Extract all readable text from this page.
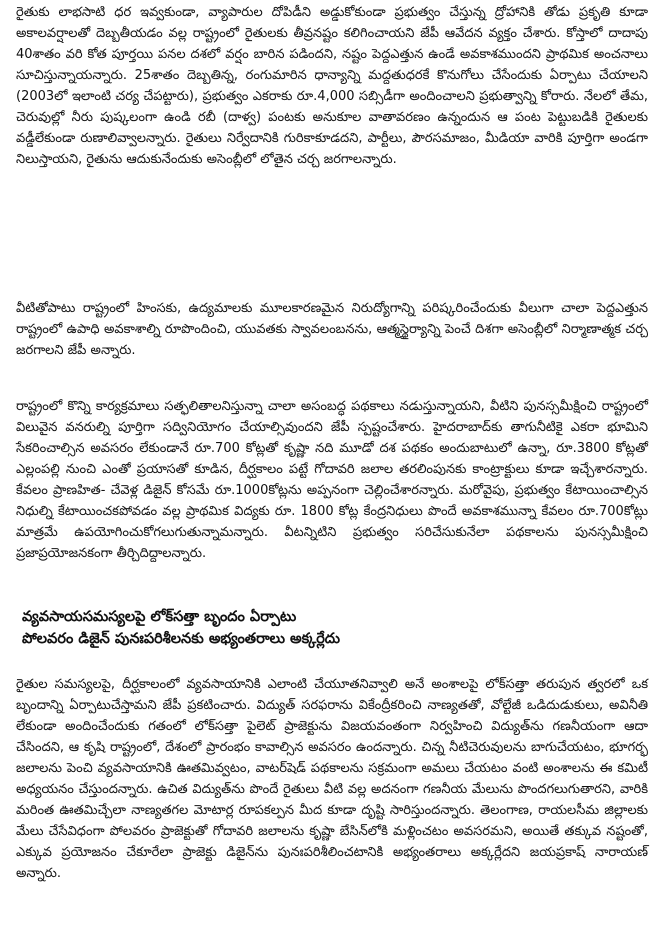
రైతుకు లాభసాటి ధర ఇవ్వకుండా, వ్యాపారుల దోపిడీని అడ్డుకోకుండా ప్రభుత్వం చేస్తున్న ద్రోహానికి తోడు ప్రకృతి కూడా అకాలవర్షాలతో దెబ్బతీయడం వల్ల రాష్ట్రంలో రైతులకు తీవ్రనష్టం కలిగించాయని జేపీ ఆవేదన వ్యక్తం చేశారు. కోస్తాలో దాదాపు 40శాతం వరి కోత పూర్తయి పనల దశలో వర్షం బారిన పడిందని, నష్టం పెద్దఎత్తున ఉండే అవకాశముందని ప్రాథమిక అంచనాలు సూచిస్తున్నాయన్నారు. 25శాతం దెబ్బతిన్న, రంగుమారిన ధాన్యాన్ని మద్దతుధరకే కొనుగోలు చేసేందుకు ఏర్పాటు చేయాలని (2003లో ఇలాంటి చర్య చేపట్టారు), ప్రభుత్వం ఎకరాకు రూ.4,000 సబ్సిడీగా అందించాలని ప్రభుత్వాన్ని కోరారు. నేలలో తేమ, చెరువుల్లో నీరు పుష్కలంగా ఉండి రబీ (దాళ్వ) పంటకు అనుకూల వాతావరణం ఉన్నందున ఆ పంట పెట్టుబడికి రైతులకు వడ్డీలేకుండా రుణాలివ్వాలన్నారు. రైతులు నిర్వేదానికి గురికాకూడదని, పార్టీలు, పౌరసమాజం, మీడియా వారికి పూర్తిగా అండగా నిలుస్తాయని, రైతును ఆదుకునేందుకు అసెంబ్లీలో లోతైన చర్చ జరగాలన్నారు.

వీటితోపాటు రాష్ట్రంలో హింసకు, ఉద్యమాలకు మూలకారణమైన నిరుద్యోగాన్ని పరిష్కరించేందుకు వీలుగా చాలా పెద్దఎత్తున రాష్ట్రంలో ఉపాధి అవకాశాల్ని రూపొందించి, యువతకు స్వావలంబనను, ఆత్మస్థైర్యాన్ని పెంచే దిశగా అసెంబ్లీలో నిర్మాణాత్మక చర్చ జరగాలని జేపీ అన్నారు.

రాష్ట్రంలో కొన్ని కార్యక్రమాలు సత్ఫలితాలనిస్తున్నా చాలా అసంబద్ధ పథకాలు నడుస్తున్నాయని, వీటిని పునస్సమీక్షించి రాష్ట్రంలో విలువైన వనరుల్ని పూర్తిగా సద్వినియోగం చేయాల్సివుందని జేపీ స్పష్టంచేశారు. హైదరాబాద్‌కు తాగునీటికై ఎకరా భూమిని సేకరించాల్సిన అవసరం లేకుండానే రూ.700 కోట్లతో కృష్ణా నది మూడో దశ పథకం అందుబాటులో ఉన్నా, రూ.3800 కోట్లతో ఎల్లంపల్లి నుంచి ఎంతో ప్రయాసతో కూడిన, దీర్ఘకాలం పట్టే గోదావరి జలాల తరలింపునకు కాంట్రాక్టులు కూడా ఇచ్చేశారన్నారు. కేవలం ప్రాణహిత- చేవెళ్ల డిజైన్ కోసమే రూ.1000కోట్లను అప్పనంగా చెల్లించేశారన్నారు. మరోవైపు, ప్రభుత్వం కేటాయించాల్సిన నిధుల్ని కేటాయించకపోవడం వల్ల ప్రాథమిక విద్యకు రూ. 1800 కోట్ల కేంద్రనిధులు పొందే అవకాశమున్నా కేవలం రూ.700కోట్లు మాత్రమే ఉపయోగించుకోగలుగుతున్నామన్నారు. వీటన్నిటిని ప్రభుత్వం సరిచేసుకునేలా పథకాలను పునస్సమీక్షించి ప్రజాప్రయోజనకంగా తీర్చిదిద్దాలన్నారు.

వ్యవసాయసమస్యలపై లోక్‌సత్తా బృందం ఏర్పాటు
పోలవరం డిజైన్ పునఃపరిశీలనకు అభ్యంతరాలు అక్కర్లేదు

రైతుల సమస్యలపై, దీర్ఘకాలంలో వ్యవసాయానికి ఎలాంటి చేయూతనివ్వాలి అనే అంశాలపై లోక్‌సత్తా తరుపున త్వరలో ఒక బృందాన్ని ఏర్పాటుచేస్తామని జేపీ ప్రకటించారు. విద్యుత్ సరఫరాను వికేంద్రీకరించి నాణ్యతతో, వోల్టేజీ ఒడిదుడుకులు, అవినీతి లేకుండా అందించేందుకు గతంలో లోక్‌సత్తా పైలెట్ ప్రాజెక్టును విజయవంతంగా నిర్వహించి విద్యుత్‌ను గణనీయంగా ఆదా చేసిందని, ఆ కృషి రాష్ట్రంలో, దేశంలో ప్రారంభం కావాల్సిన అవసరం ఉందన్నారు. చిన్న నీటిచెరువులను బాగుచేయటం, భూగర్భ జలాలను పెంచి వ్యవసాయానికి ఊతమివ్వటం, వాటర్‌షెడ్ పథకాలను సక్రమంగా అమలు చేయటం వంటి అంశాలను ఈ కమిటీ అధ్యయనం చేస్తుందన్నారు. ఉచిత విద్యుత్‌ను పొందే రైతులు వీటి వల్ల అదనంగా గణనీయ మేలును పొందగలుగుతారని, వారికి మరింత ఊతమిచ్చేలా నాణ్యతగల మోటార్ల రూపకల్పన మీద కూడా దృష్టి సారిస్తుందన్నారు. తెలంగాణ, రాయలసీమ జిల్లాలకు మేలు చేసేవిధంగా పోలవరం ప్రాజెక్టుతో గోదావరి జలాలను కృష్ణా బేసిన్‌లోకి మళ్లించటం అవసరమని, అయితే తక్కువ నష్టంతో, ఎక్కువ ప్రయోజనం చేకూరేలా ప్రాజెక్టు డిజైన్‌ను పునఃపరిశీలించటానికి అభ్యంతరాలు అక్కర్లేదని జయప్రకాష్ నారాయణ్ అన్నారు.
